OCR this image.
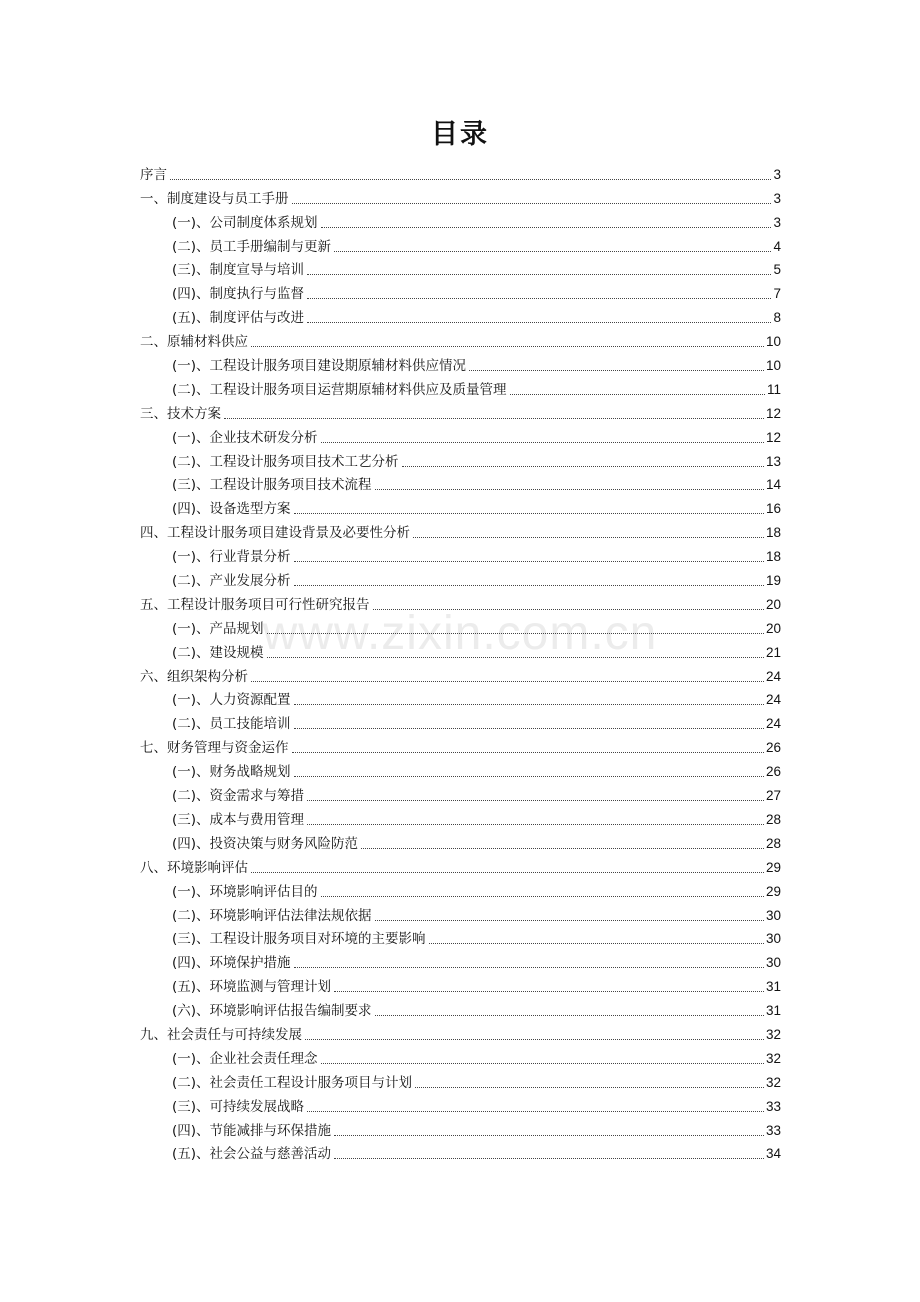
目录
www.zixin.com.cn
序言	3
一、制度建设与员工手册	3
(一)、公司制度体系规划	3
(二)、员工手册编制与更新	4
(三)、制度宣导与培训	5
(四)、制度执行与监督	7
(五)、制度评估与改进	8
二、原辅材料供应	10
(一)、工程设计服务项目建设期原辅材料供应情况	10
(二)、工程设计服务项目运营期原辅材料供应及质量管理	11
三、技术方案	12
(一)、企业技术研发分析	12
(二)、工程设计服务项目技术工艺分析	13
(三)、工程设计服务项目技术流程	14
(四)、设备选型方案	16
四、工程设计服务项目建设背景及必要性分析	18
(一)、行业背景分析	18
(二)、产业发展分析	19
五、工程设计服务项目可行性研究报告	20
(一)、产品规划	20
(二)、建设规模	21
六、组织架构分析	24
(一)、人力资源配置	24
(二)、员工技能培训	24
七、财务管理与资金运作	26
(一)、财务战略规划	26
(二)、资金需求与筹措	27
(三)、成本与费用管理	28
(四)、投资决策与财务风险防范	28
八、环境影响评估	29
(一)、环境影响评估目的	29
(二)、环境影响评估法律法规依据	30
(三)、工程设计服务项目对环境的主要影响	30
(四)、环境保护措施	30
(五)、环境监测与管理计划	31
(六)、环境影响评估报告编制要求	31
九、社会责任与可持续发展	32
(一)、企业社会责任理念	32
(二)、社会责任工程设计服务项目与计划	32
(三)、可持续发展战略	33
(四)、节能减排与环保措施	33
(五)、社会公益与慈善活动	34
